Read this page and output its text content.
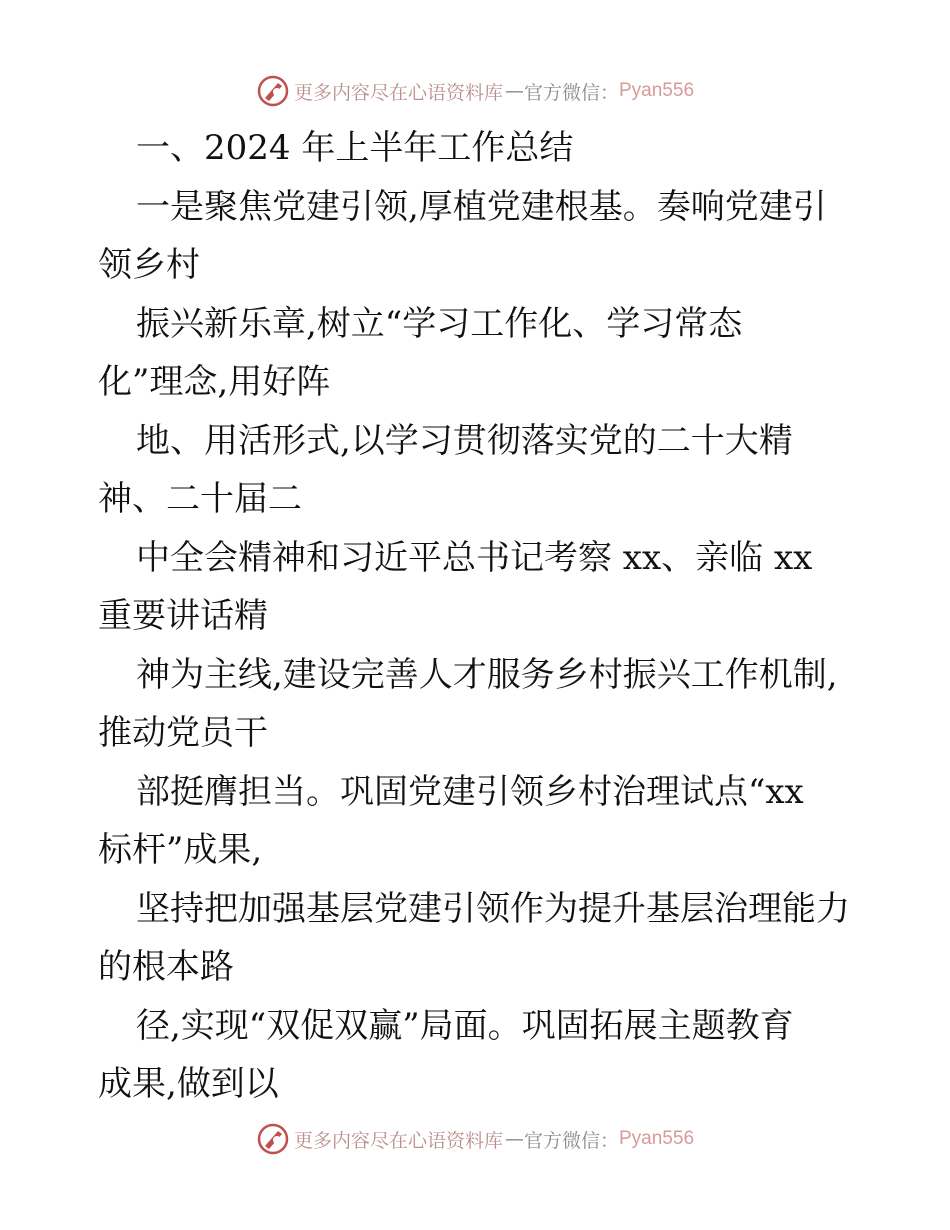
更多内容尽在心语资料库 — 官方微信： Pyan556
一、2024 年上半年工作总结
一是聚焦党建引领,厚植党建根基。奏响党建引
领乡村
振兴新乐章,树立“学习工作化、学习常态
化”理念,用好阵
地、用活形式,以学习贯彻落实党的二十大精
神、二十届二
中全会精神和习近平总书记考察 xx、亲临 xx
重要讲话精
神为主线,建设完善人才服务乡村振兴工作机制,
推动党员干
部挺膺担当。巩固党建引领乡村治理试点“xx
标杆”成果,
坚持把加强基层党建引领作为提升基层治理能力
的根本路
径,实现“双促双赢”局面。巩固拓展主题教育
成果,做到以
更多内容尽在心语资料库 — 官方微信： Pyan556
